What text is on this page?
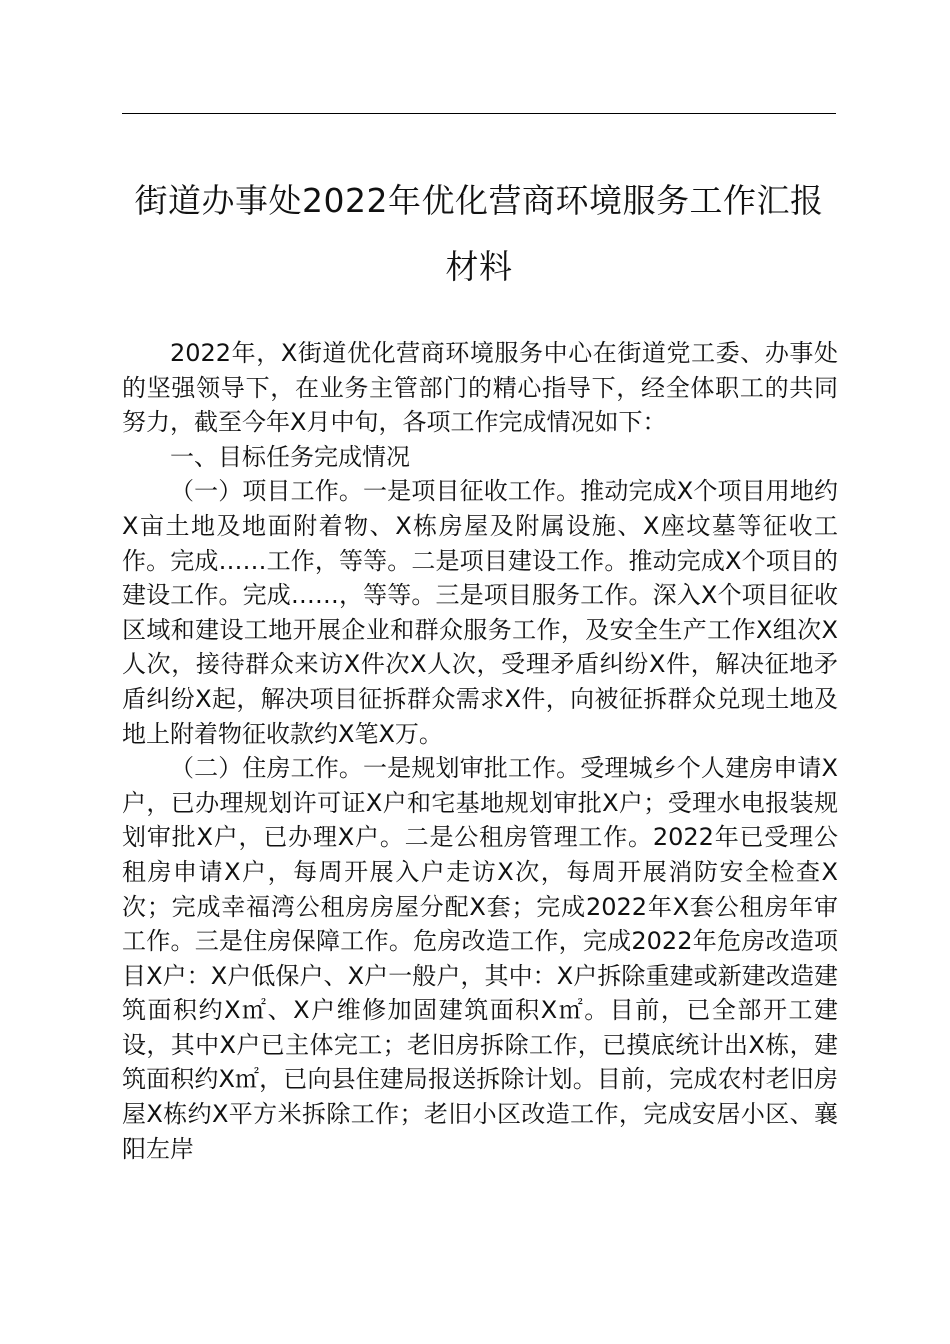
街道办事处2022年优化营商环境服务工作汇报材料

2022年，X街道优化营商环境服务中心在街道党工委、办事处的坚强领导下，在业务主管部门的精心指导下，经全体职工的共同努力，截至今年X月中旬，各项工作完成情况如下：

一、目标任务完成情况

（一）项目工作。一是项目征收工作。推动完成X个项目用地约X亩土地及地面附着物、X栋房屋及附属设施、X座坟墓等征收工作。完成……工作，等等。二是项目建设工作。推动完成X个项目的建设工作。完成……，等等。三是项目服务工作。深入X个项目征收区域和建设工地开展企业和群众服务工作，及安全生产工作X组次X人次，接待群众来访X件次X人次，受理矛盾纠纷X件，解决征地矛盾纠纷X起，解决项目征拆群众需求X件，向被征拆群众兑现土地及地上附着物征收款约X笔X万。

（二）住房工作。一是规划审批工作。受理城乡个人建房申请X户，已办理规划许可证X户和宅基地规划审批X户；受理水电报装规划审批X户，已办理X户。二是公租房管理工作。2022年已受理公租房申请X户，每周开展入户走访X次，每周开展消防安全检查X次；完成幸福湾公租房房屋分配X套；完成2022年X套公租房年审工作。三是住房保障工作。危房改造工作，完成2022年危房改造项目X户：X户低保户、X户一般户，其中：X户拆除重建或新建改造建筑面积约X㎡、X户维修加固建筑面积X㎡。目前，已全部开工建设，其中X户已主体完工；老旧房拆除工作，已摸底统计出X栋，建筑面积约X㎡，已向县住建局报送拆除计划。目前，完成农村老旧房屋X栋约X平方米拆除工作；老旧小区改造工作，完成安居小区、襄阳左岸
